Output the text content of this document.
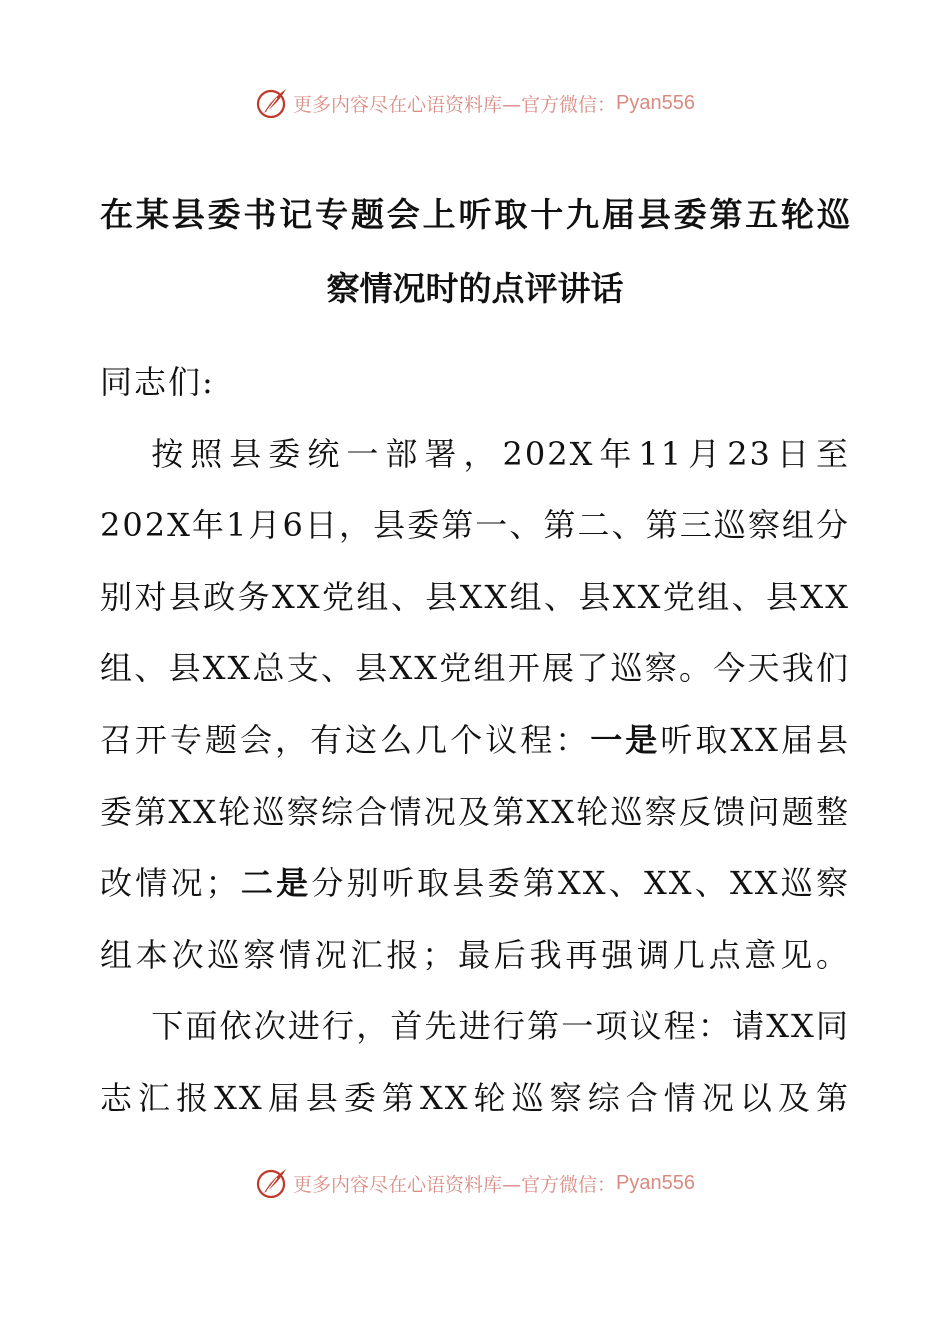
更多内容尽在心语资料库—官方微信： Pyan556
在某县委书记专题会上听取十九届县委第五轮巡
察情况时的点评讲话

同志们:

按照县委统一部署，202X年11月23日至202X年1月6日，县委第一、第二、第三巡察组分别对县政务XX党组、县XX组、县XX党组、县XX组、县XX总支、县XX党组开展了巡察。今天我们召开专题会，有这么几个议程：一是听取XX届县委第XX轮巡察综合情况及第XX轮巡察反馈问题整改情况；二是分别听取县委第XX、XX、XX巡察组本次巡察情况汇报；最后我再强调几点意见。

下面依次进行，首先进行第一项议程：请XX同志汇报XX届县委第XX轮巡察综合情况以及第

更多内容尽在心语资料库—官方微信： Pyan556
